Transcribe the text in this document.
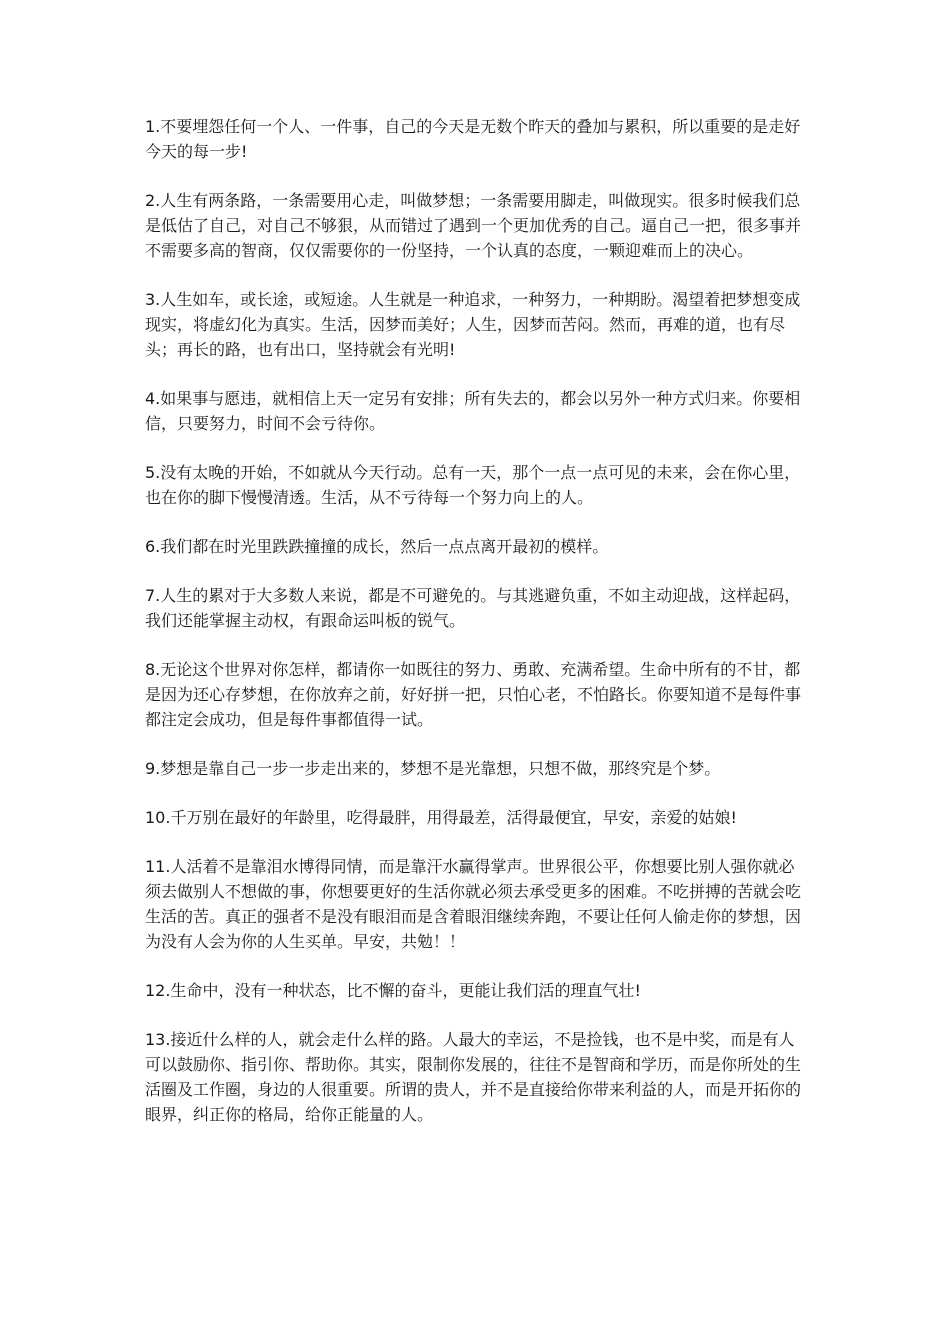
1.不要埋怨任何一个人、一件事，自己的今天是无数个昨天的叠加与累积，所以重要的是走好今天的每一步!

2.人生有两条路，一条需要用心走，叫做梦想；一条需要用脚走，叫做现实。很多时候我们总是低估了自己，对自己不够狠，从而错过了遇到一个更加优秀的自己。逼自己一把，很多事并不需要多高的智商，仅仅需要你的一份坚持，一个认真的态度，一颗迎难而上的决心。

3.人生如车，或长途，或短途。人生就是一种追求，一种努力，一种期盼。渴望着把梦想变成现实，将虚幻化为真实。生活，因梦而美好；人生，因梦而苦闷。然而，再难的道，也有尽头；再长的路，也有出口，坚持就会有光明!

4.如果事与愿违，就相信上天一定另有安排；所有失去的，都会以另外一种方式归来。你要相信，只要努力，时间不会亏待你。

5.没有太晚的开始，不如就从今天行动。总有一天，那个一点一点可见的未来，会在你心里，也在你的脚下慢慢清透。生活，从不亏待每一个努力向上的人。

6.我们都在时光里跌跌撞撞的成长，然后一点点离开最初的模样。

7.人生的累对于大多数人来说，都是不可避免的。与其逃避负重，不如主动迎战，这样起码，我们还能掌握主动权，有跟命运叫板的锐气。

8.无论这个世界对你怎样，都请你一如既往的努力、勇敢、充满希望。生命中所有的不甘，都是因为还心存梦想，在你放弃之前，好好拼一把，只怕心老，不怕路长。你要知道不是每件事都注定会成功，但是每件事都值得一试。

9.梦想是靠自己一步一步走出来的，梦想不是光靠想，只想不做，那终究是个梦。

10.千万别在最好的年龄里，吃得最胖，用得最差，活得最便宜，早安，亲爱的姑娘!

11.人活着不是靠泪水博得同情，而是靠汗水赢得掌声。世界很公平，你想要比别人强你就必须去做别人不想做的事，你想要更好的生活你就必须去承受更多的困难。不吃拼搏的苦就会吃生活的苦。真正的强者不是没有眼泪而是含着眼泪继续奔跑，不要让任何人偷走你的梦想，因为没有人会为你的人生买单。早安，共勉！！

12.生命中，没有一种状态，比不懈的奋斗，更能让我们活的理直气壮!

13.接近什么样的人，就会走什么样的路。人最大的幸运，不是捡钱，也不是中奖，而是有人可以鼓励你、指引你、帮助你。其实，限制你发展的，往往不是智商和学历，而是你所处的生活圈及工作圈，身边的人很重要。所谓的贵人，并不是直接给你带来利益的人，而是开拓你的眼界，纠正你的格局，给你正能量的人。
